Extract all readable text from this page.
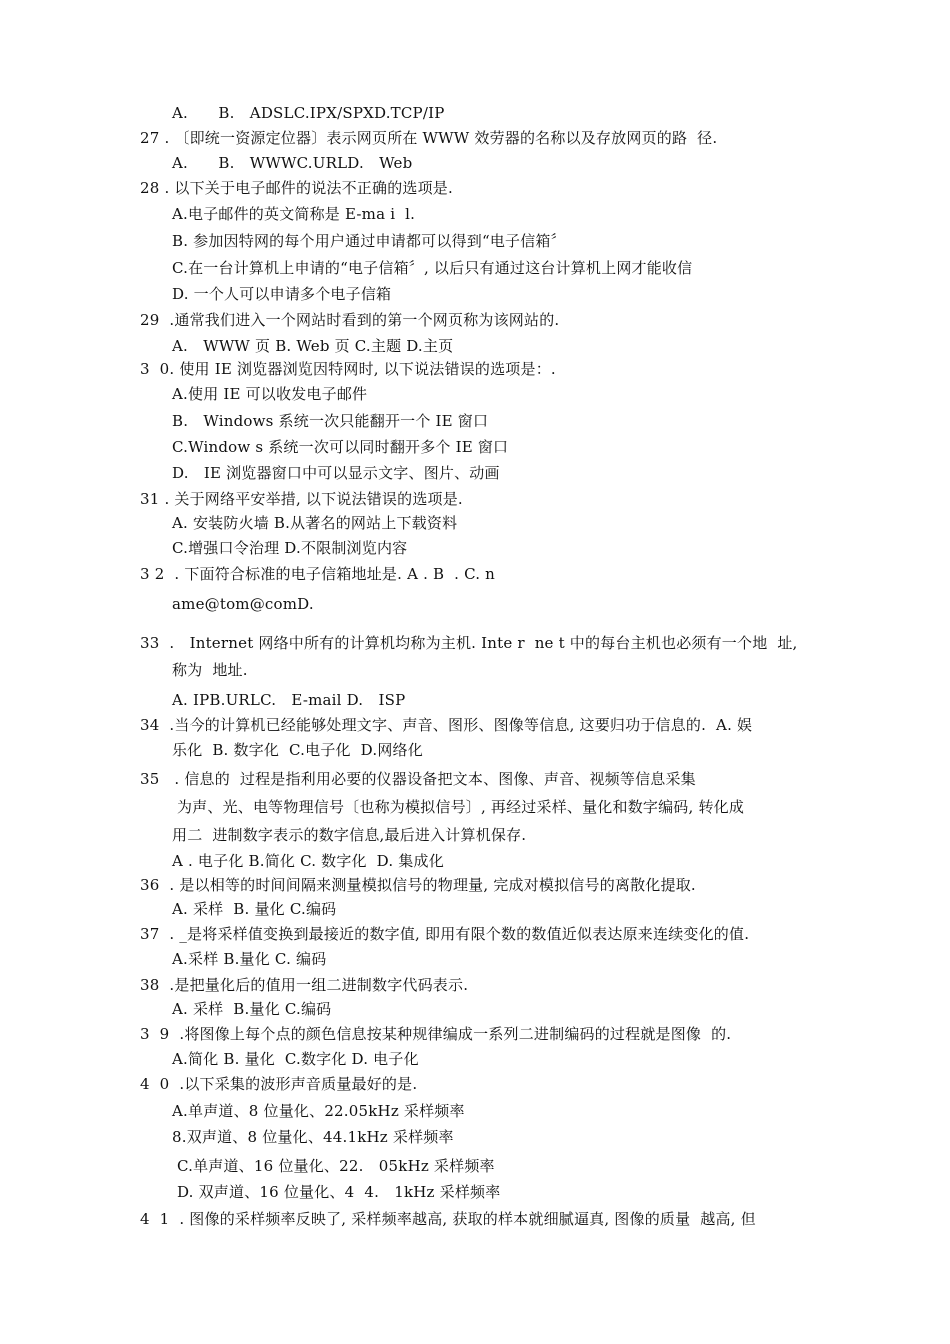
A.　　B.　ADSLC.IPX/SPXD.TCP/IP
27 . 〔即统一资源定位器〕表示网页所在 WWW 效劳器的名称以及存放网页的路  径.
A.　　B.　WWWC.URLD.　Web
28 . 以下关于电子邮件的说法不正确的选项是.
A.电子邮件的英文简称是 E-ma i  l.
B. 参加因特网的每个用户通过申请都可以得到“电子信箱〞
C.在一台计算机上申请的“电子信箱〞, 以后只有通过这台计算机上网才能收信
D. 一个人可以申请多个电子信箱
29  .通常我们进入一个网站时看到的第一个网页称为该网站的.
A.　WWW 页 B. Web 页 C.主题 D.主页
3  0. 使用 IE 浏览器浏览因特网时, 以下说法错误的选项是：.
A.使用 IE 可以收发电子邮件
B.　Windows 系统一次只能翻开一个 IE 窗口
C.Window s 系统一次可以同时翻开多个 IE 窗口
D.　IE 浏览器窗口中可以显示文字、图片、动画
31 . 关于网络平安举措, 以下说法错误的选项是.
A. 安装防火墙 B.从著名的网站上下载资料
C.增强口令治理 D.不限制浏览内容
3 2  . 下面符合标准的电子信箱地址是. A . B  . C. n
ame@tom@comD.
33  .　Internet 网络中所有的计算机均称为主机. Inte r  ne t 中的每台主机也必须有一个地  址,
称为  地址.
A. IPB.URLC.　E-mail D.　ISP
34  .当今的计算机已经能够处理文字、声音、图形、图像等信息, 这要归功于信息的.  A. 娱
乐化  B. 数字化  C.电子化  D.网络化
35   . 信息的  过程是指利用必要的仪器设备把文本、图像、声音、视频等信息采集
为声、光、电等物理信号〔也称为模拟信号〕, 再经过采样、量化和数字编码, 转化成
用二  进制数字表示的数字信息,最后进入计算机保存.
A . 电子化 B.简化 C. 数字化  D. 集成化
36  . 是以相等的时间间隔来测量模拟信号的物理量, 完成对模拟信号的离散化提取.
A. 采样  B. 量化 C.编码
37  . _是将采样值变换到最接近的数字值, 即用有限个数的数值近似表达原来连续变化的值.
A.采样 B.量化 C. 编码
38  .是把量化后的值用一组二进制数字代码表示.
A. 采样  B.量化 C.编码
3  9  .将图像上每个点的颜色信息按某种规律编成一系列二进制编码的过程就是图像  的.
A.简化 B. 量化  C.数字化 D. 电子化
4  0  .以下采集的波形声音质量最好的是.
A.单声道、8 位量化、22.05kHz 采样频率
8.双声道、8 位量化、44.1kHz 采样频率
C.单声道、16 位量化、22.　05kHz 采样频率
D. 双声道、16 位量化、4  4.　1kHz 采样频率
4  1  . 图像的采样频率反映了, 采样频率越高, 获取的样本就细腻逼真, 图像的质量  越高, 但
